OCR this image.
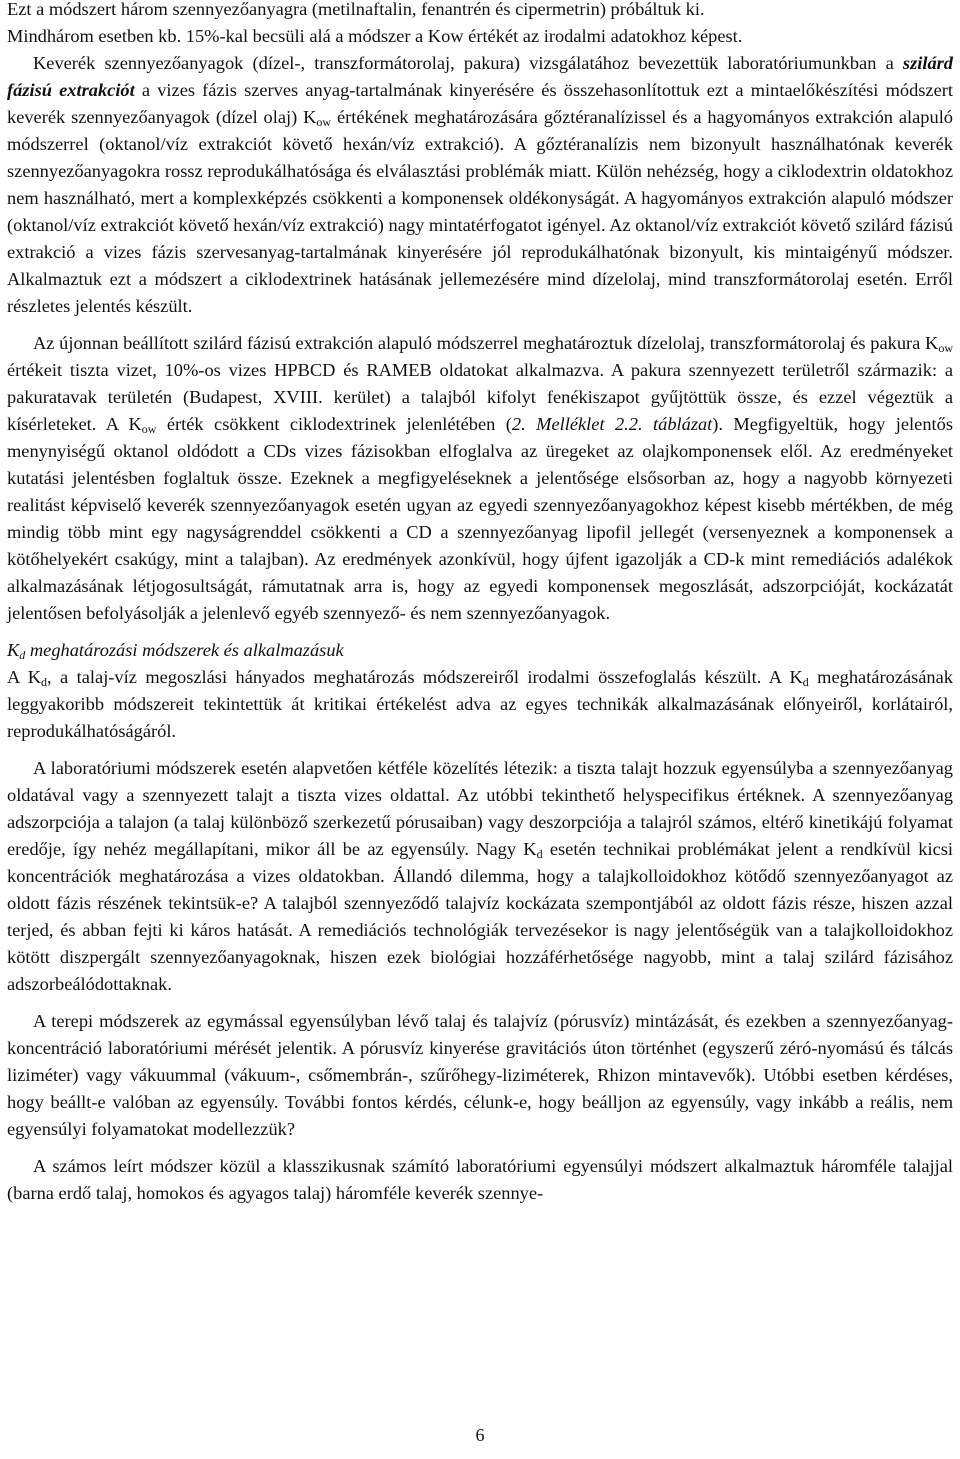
Ezt a módszert három szennyezőanyagra (metilnaftalin, fenantrén és cipermetrin) próbáltuk ki.
Mindhárom esetben kb. 15%-kal becsüli alá a módszer a Kow értékét az irodalmi adatokhoz képest.

Keverék szennyezőanyagok (dízel-, transzformátorolaj, pakura) vizsgálatához bevezettük laboratóriumunkban a szilárd fázisú extrakciót a vizes fázis szerves anyag-tartalmának kinyerésére és összehasonlítottuk ezt a mintaelőkészítési módszert keverék szennyezőanyagok (dízel olaj) $K_{ow}$ értékének meghatározására gőztéranalízissel és a hagyományos extrakción alapuló módszerrel (oktanol/víz extrakciót követő hexán/víz extrakció). A gőztéranalízis nem bizonyult használhatónak keverék szennyezőanyagokra rossz reprodukálhatósága és elválasztási problémák miatt. Külön nehézség, hogy a ciklodextrin oldatokhoz nem használható, mert a komplexképzés csökkenti a komponensek oldékonyságát. A hagyományos extrakción alapuló módszer (oktanol/víz extrakciót követő hexán/víz extrakció) nagy mintatérfogatot igényel. Az oktanol/víz extrakciót követő szilárd fázisú extrakció a vizes fázis szervesanyag-tartalmának kinyerésére jól reprodukálhatónak bizonyult, kis mintaigényű módszer. Alkalmaztuk ezt a módszert a ciklodextrinek hatásának jellemezésére mind dízelolaj, mind transzformátorolaj esetén. Erről részletes jelentés készült.

Az újonnan beállított szilárd fázisú extrakción alapuló módszerrel meghatároztuk dízelolaj, transzformátorolaj és pakura $K_{ow}$ értékeit tiszta vizet, 10%-os vizes HPBCD és RAMEB oldatokat alkalmazva. A pakura szennyezett területről származik: a pakuratavak területén (Budapest, XVIII. kerület) a talajból kifolyt fenékiszapot gyűjtöttük össze, és ezzel végeztük a kísérleteket. A $K_{ow}$ érték csökkent ciklodextrinek jelenlétében (2. Melléklet 2.2. táblázat). Megfigyeltük, hogy jelentős menynyiségű oktanol oldódott a CDs vizes fázisokban elfoglalva az üregeket az olajkomponensek elől. Az eredményeket kutatási jelentésben foglaltuk össze. Ezeknek a megfigyeléseknek a jelentősége elsősorban az, hogy a nagyobb környezeti realitást képviselő keverék szennyezőanyagok esetén ugyan az egyedi szennyezőanyagokhoz képest kisebb mértékben, de még mindig több mint egy nagyságrenddel csökkenti a CD a szennyezőanyag lipofil jellegét (versenyeznek a komponensek a kötőhelyekért csakúgy, mint a talajban). Az eredmények azonkívül, hogy újfent igazolják a CD-k mint remediációs adalékok alkalmazásának létjogosultságát, rámutatnak arra is, hogy az egyedi komponensek megoszlását, adszorpcióját, kockázatát jelentősen befolyásolják a jelenlevő egyéb szennyező- és nem szennyezőanyagok.

$K_d$ meghatározási módszerek és alkalmazásuk

A $K_d$, a talaj-víz megoszlási hányados meghatározás módszereiről irodalmi összefoglalás készült. A $K_d$ meghatározásának leggyakoribb módszereit tekintettük át kritikai értékelést adva az egyes technikák alkalmazásának előnyeiről, korlátairól, reprodukálhatóságáról.

A laboratóriumi módszerek esetén alapvetően kétféle közelítés létezik: a tiszta talajt hozzuk egyensúlyba a szennyezőanyag oldatával vagy a szennyezett talajt a tiszta vizes oldattal. Az utóbbi tekinthető helyspecifikus értéknek. A szennyezőanyag adszorpciója a talajon (a talaj különböző szerkezetű pórusaiban) vagy deszorpciója a talajról számos, eltérő kinetikájú folyamat eredője, így nehéz megállapítani, mikor áll be az egyensúly. Nagy $K_d$ esetén technikai problémákat jelent a rendkívül kicsi koncentrációk meghatározása a vizes oldatokban. Állandó dilemma, hogy a talajkolloidokhoz kötődő szennyezőanyagot az oldott fázis részének tekintsük-e? A talajból szennyeződő talajvíz kockázata szempontjából az oldott fázis része, hiszen azzal terjed, és abban fejti ki káros hatását. A remediációs technológiák tervezésekor is nagy jelentőségük van a talajkolloidokhoz kötött diszpergált szennyezőanyagoknak, hiszen ezek biológiai hozzáférhetősége nagyobb, mint a talaj szilárd fázisához adszorbeálódottaknak.

A terepi módszerek az egymással egyensúlyban lévő talaj és talajvíz (pórusvíz) mintázását, és ezekben a szennyezőanyag-koncentráció laboratóriumi mérését jelentik. A pórusvíz kinyerése gravitációs úton történhet (egyszerű zéró-nyomású és tálcás liziméter) vagy vákuummal (vákuum-, csőmembrán-, szűrőhegy-liziméterek, Rhizon mintavevők). Utóbbi esetben kérdéses, hogy beállt-e valóban az egyensúly. További fontos kérdés, célunk-e, hogy beálljon az egyensúly, vagy inkább a reális, nem egyensúlyi folyamatokat modellezzük?

A számos leírt módszer közül a klasszikusnak számító laboratóriumi egyensúlyi módszert alkalmaztuk háromféle talajjal (barna erdő talaj, homokos és agyagos talaj) háromféle keverék szennye-

6
